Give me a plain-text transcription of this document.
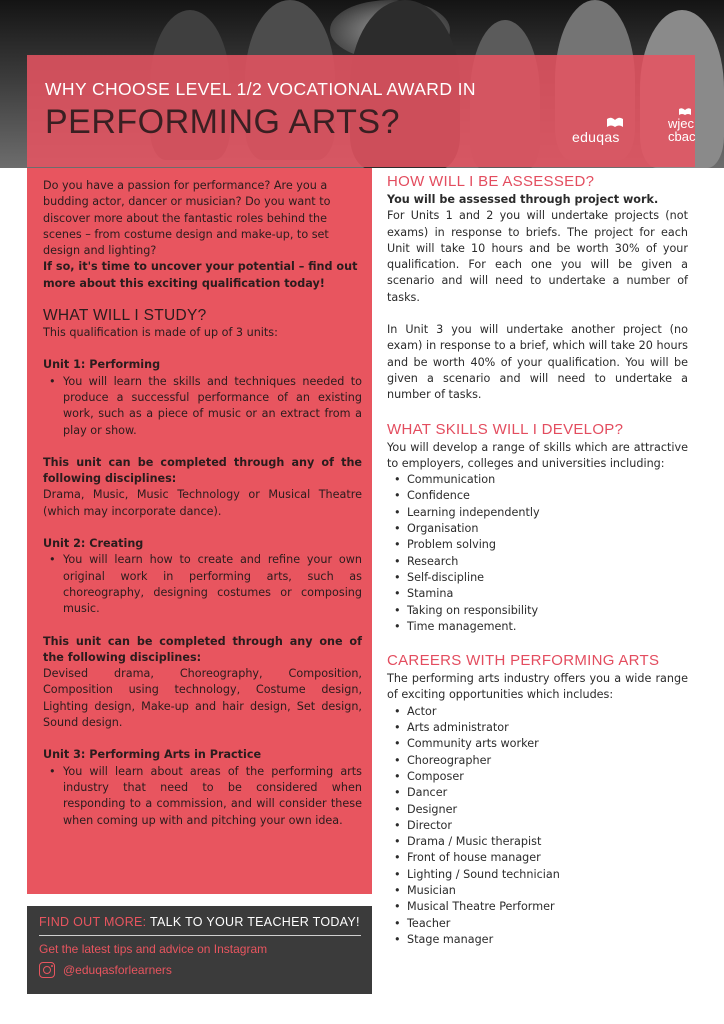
WHY CHOOSE LEVEL 1/2 VOCATIONAL AWARD IN
PERFORMING ARTS?	eduqas
wjec
cbac

Do you have a passion for performance? Are you a budding actor, dancer or musician? Do you want to discover more about the fantastic roles behind the scenes – from costume design and make-up, to set design and lighting?

If so, it's time to uncover your potential – find out more about this exciting qualification today!

WHAT WILL I STUDY?

This qualification is made of up of 3 units:

Unit 1: Performing

• You will learn the skills and techniques needed to produce a successful performance of an existing work, such as a piece of music or an extract from a play or show.

This unit can be completed through any of the following disciplines:

Drama, Music, Music Technology or Musical Theatre (which may incorporate dance).

Unit 2: Creating

• You will learn how to create and refine your own original work in performing arts, such as choreography, designing costumes or composing music.

This unit can be completed through any one of the following disciplines:

Devised drama, Choreography, Composition, Composition using technology, Costume design, Lighting design, Make-up and hair design, Set design, Sound design.

Unit 3: Performing Arts in Practice

• You will learn about areas of the performing arts industry that need to be considered when responding to a commission, and will consider these when coming up with and pitching your own idea.
HOW WILL I BE ASSESSED?

You will be assessed through project work.

For Units 1 and 2 you will undertake projects (not exams) in response to briefs. The project for each Unit will take 10 hours and be worth 30% of your qualification. For each one you will be given a scenario and will need to undertake a number of tasks.

In Unit 3 you will undertake another project (no exam) in response to a brief, which will take 20 hours and be worth 40% of your qualification. You will be given a scenario and will need to undertake a number of tasks.

WHAT SKILLS WILL I DEVELOP?

You will develop a range of skills which are attractive to employers, colleges and universities including:

• Communication
• Confidence
• Learning independently
• Organisation
• Problem solving
• Research
• Self-discipline
• Stamina
• Taking on responsibility
• Time management.
CAREERS WITH PERFORMING ARTS

The performing arts industry offers you a wide range of exciting opportunities which includes:

• Actor
• Arts administrator
• Community arts worker
• Choreographer
• Composer
• Dancer
• Designer
• Director
• Drama / Music therapist
• Front of house manager
• Lighting / Sound technician
• Musician
• Musical Theatre Performer
• Teacher
• Stage manager
FIND OUT MORE: TALK TO YOUR TEACHER TODAY!
Get the latest tips and advice on Instagram
@eduqasforlearners
